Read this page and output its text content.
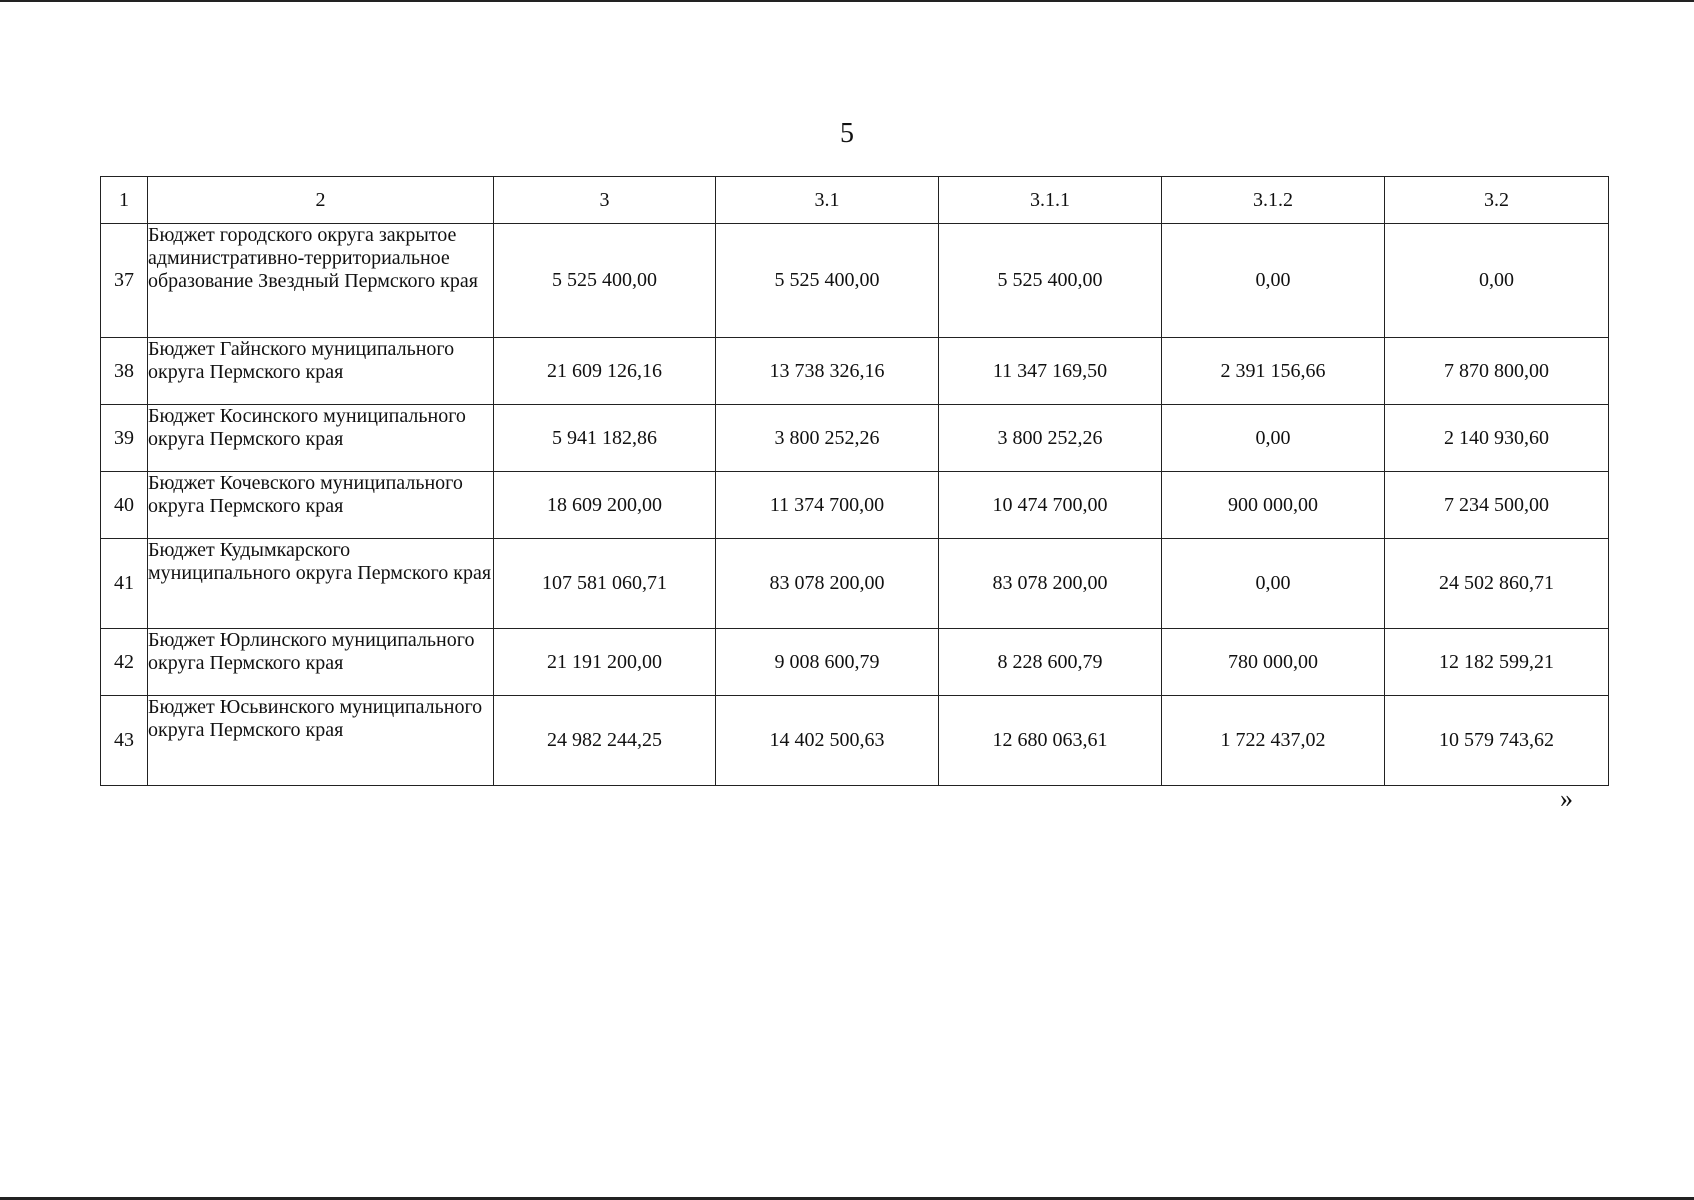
5
1	2	3	3.1	3.1.1	3.1.2	3.2
37	Бюджет городского округа закрытое административно-территориальное образование Звездный Пермского края	5 525 400,00	5 525 400,00	5 525 400,00	0,00	0,00
38	Бюджет Гайнского муниципального округа Пермского края	21 609 126,16	13 738 326,16	11 347 169,50	2 391 156,66	7 870 800,00
39	Бюджет Косинского муниципального округа Пермского края	5 941 182,86	3 800 252,26	3 800 252,26	0,00	2 140 930,60
40	Бюджет Кочевского муниципального округа Пермского края	18 609 200,00	11 374 700,00	10 474 700,00	900 000,00	7 234 500,00
41	Бюджет Кудымкарского муниципального округа Пермского края	107 581 060,71	83 078 200,00	83 078 200,00	0,00	24 502 860,71
42	Бюджет Юрлинского муниципального округа Пермского края	21 191 200,00	9 008 600,79	8 228 600,79	780 000,00	12 182 599,21
43	Бюджет Юсьвинского муниципального округа Пермского края	24 982 244,25	14 402 500,63	12 680 063,61	1 722 437,02	10 579 743,62
»
